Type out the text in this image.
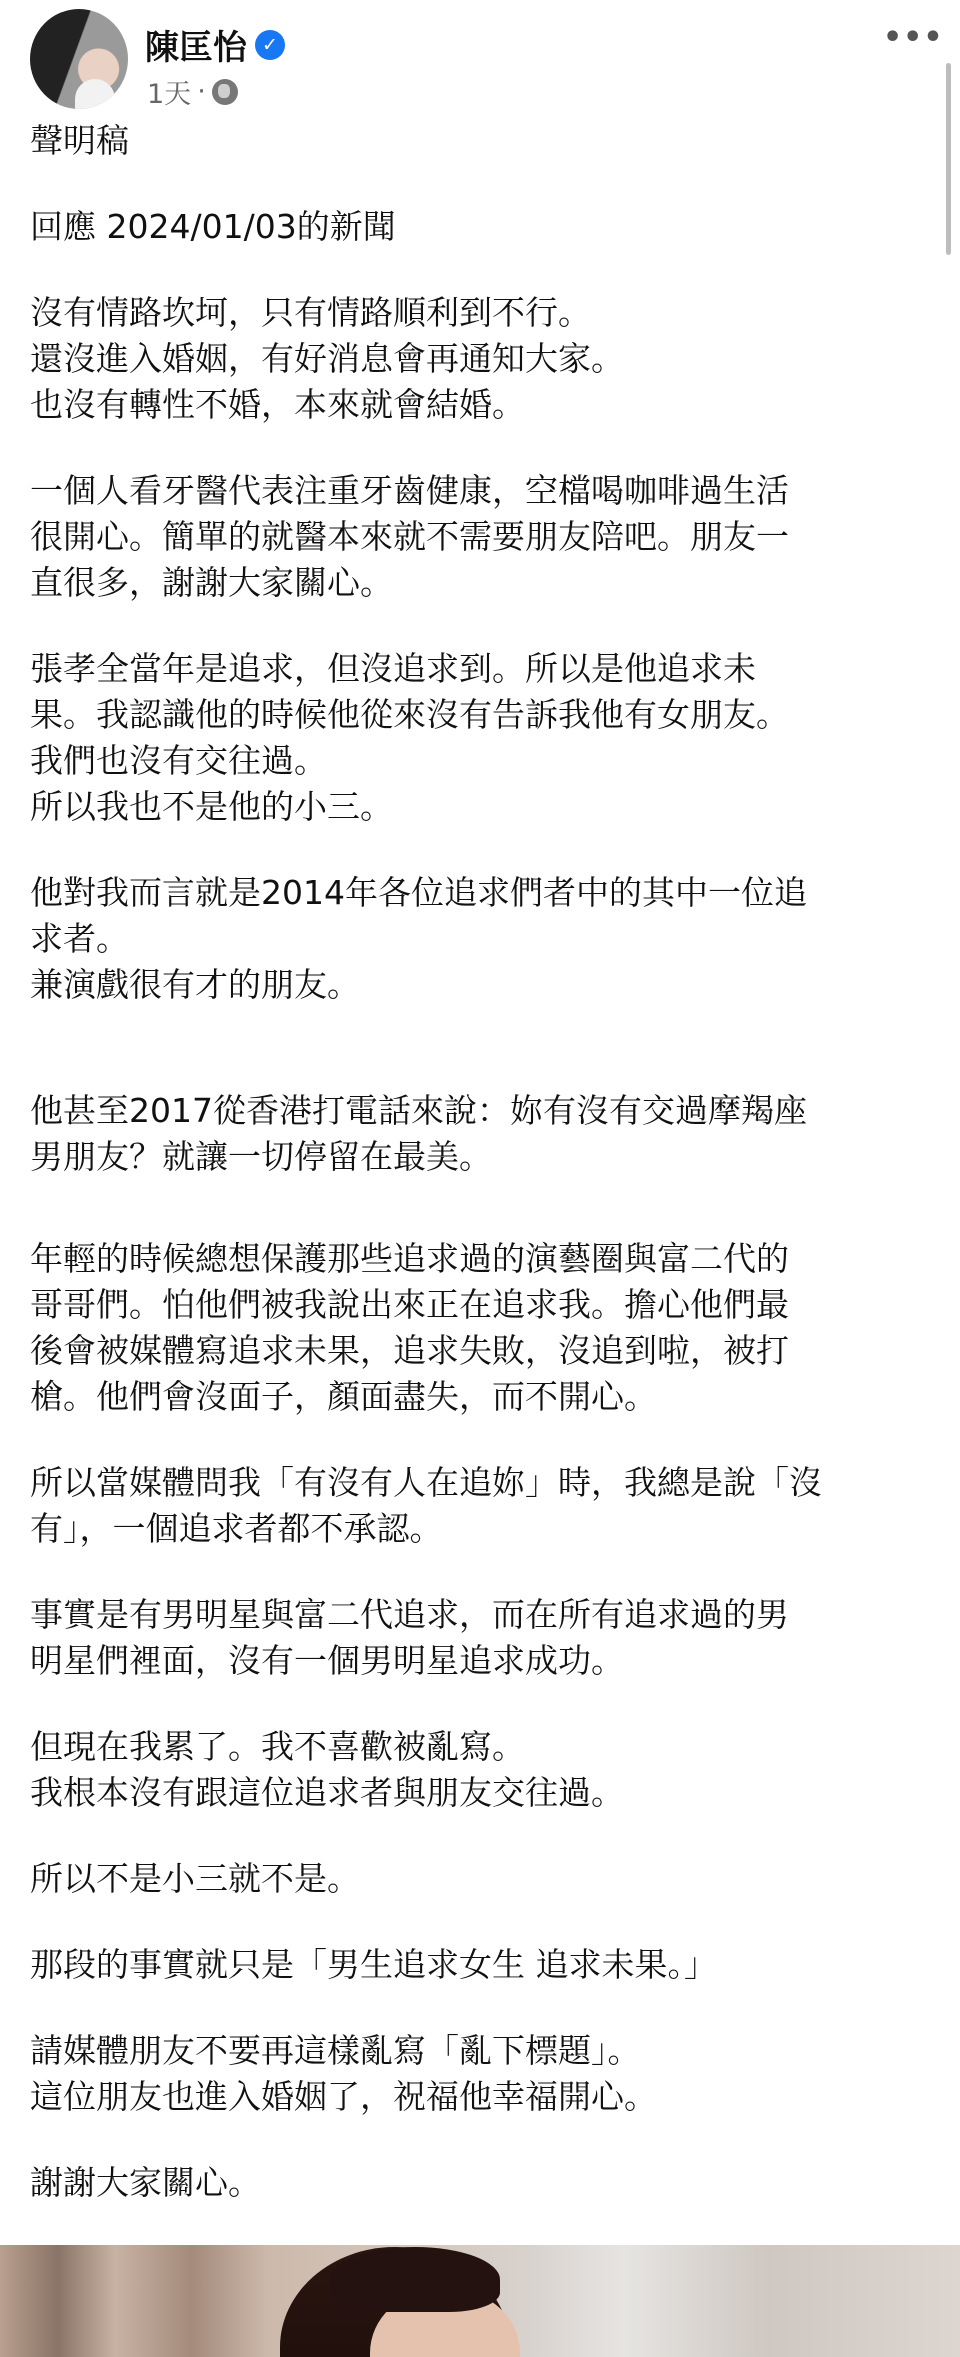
陳匡怡 ✓
1天 ·
•••
聲明稿
回應 2024/01/03的新聞
沒有情路坎坷，只有情路順利到不行。
還沒進入婚姻，有好消息會再通知大家。
也沒有轉性不婚，本來就會結婚。
一個人看牙醫代表注重牙齒健康，空檔喝咖啡過生活
很開心。簡單的就醫本來就不需要朋友陪吧。朋友一
直很多，謝謝大家關心。
張孝全當年是追求，但沒追求到。所以是他追求未
果。我認識他的時候他從來沒有告訴我他有女朋友。
我們也沒有交往過。
所以我也不是他的小三。
他對我而言就是2014年各位追求們者中的其中一位追
求者。
兼演戲很有才的朋友。
他甚至2017從香港打電話來說：妳有沒有交過摩羯座
男朋友？就讓一切停留在最美。
年輕的時候總想保護那些追求過的演藝圈與富二代的
哥哥們。怕他們被我說出來正在追求我。擔心他們最
後會被媒體寫追求未果，追求失敗，沒追到啦，被打
槍。他們會沒面子，顏面盡失，而不開心。
所以當媒體問我「有沒有人在追妳」時，我總是說「沒
有」，一個追求者都不承認。
事實是有男明星與富二代追求，而在所有追求過的男
明星們裡面，沒有一個男明星追求成功。
但現在我累了。我不喜歡被亂寫。
我根本沒有跟這位追求者與朋友交往過。
所以不是小三就不是。
那段的事實就只是「男生追求女生 追求未果。」
請媒體朋友不要再這樣亂寫「亂下標題」。
這位朋友也進入婚姻了，祝福他幸福開心。
謝謝大家關心。
